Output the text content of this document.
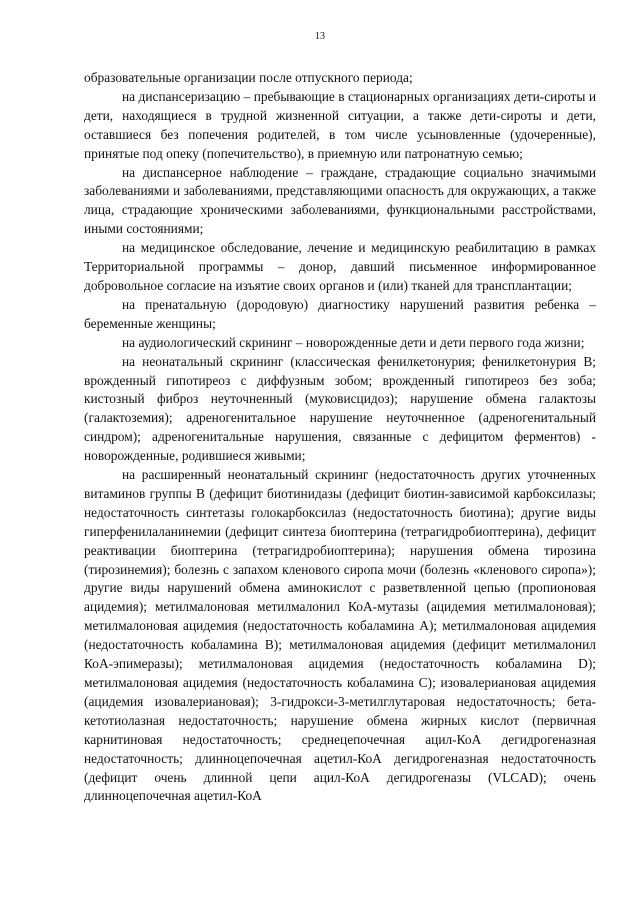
13

образовательные организации после отпускного периода;

на диспансеризацию – пребывающие в стационарных организациях дети-сироты и дети, находящиеся в трудной жизненной ситуации, а также дети-сироты и дети, оставшиеся без попечения родителей, в том числе усыновленные (удочеренные), принятые под опеку (попечительство), в приемную или патронатную семью;

на диспансерное наблюдение – граждане, страдающие социально значимыми заболеваниями и заболеваниями, представляющими опасность для окружающих, а также лица, страдающие хроническими заболеваниями, функциональными расстройствами, иными состояниями;

на медицинское обследование, лечение и медицинскую реабилитацию в рамках Территориальной программы – донор, давший письменное информированное добровольное согласие на изъятие своих органов и (или) тканей для трансплантации;

на пренатальную (дородовую) диагностику нарушений развития ребенка – беременные женщины;

на аудиологический скрининг – новорожденные дети и дети первого года жизни;

на неонатальный скрининг (классическая фенилкетонурия; фенилкетонурия B; врожденный гипотиреоз с диффузным зобом; врожденный гипотиреоз без зоба; кистозный фиброз неуточненный (муковисцидоз); нарушение обмена галактозы (галактоземия); адреногенитальное нарушение неуточненное (адреногенитальный синдром); адреногенитальные нарушения, связанные с дефицитом ферментов) - новорожденные, родившиеся живыми;

на расширенный неонатальный скрининг (недостаточность других уточненных витаминов группы B (дефицит биотинидазы (дефицит биотин-зависимой карбоксилазы; недостаточность синтетазы голокарбоксилаз (недостаточность биотина); другие виды гиперфенилаланинемии (дефицит синтеза биоптерина (тетрагидробиоптерина), дефицит реактивации биоптерина (тетрагидробиоптерина); нарушения обмена тирозина (тирозинемия); болезнь с запахом кленового сиропа мочи (болезнь «кленового сиропа»); другие виды нарушений обмена аминокислот с разветвленной цепью (пропионовая ацидемия); метилмалоновая метилмалонил КоА-мутазы (ацидемия метилмалоновая); метилмалоновая ацидемия (недостаточность кобаламина A); метилмалоновая ацидемия (недостаточность кобаламина B); метилмалоновая ацидемия (дефицит метилмалонил КоА-эпимеразы); метилмалоновая ацидемия (недостаточность кобаламина D); метилмалоновая ацидемия (недостаточность кобаламина C); изовалериановая ацидемия (ацидемия изовалериановая); 3-гидрокси-3-метилглутаровая недостаточность; бета-кетотиолазная недостаточность; нарушение обмена жирных кислот (первичная карнитиновая недостаточность; среднецепочечная ацил-КоА дегидрогеназная недостаточность; длинноцепочечная ацетил-КоА дегидрогеназная недостаточность (дефицит очень длинной цепи ацил-КоА дегидрогеназы (VLCAD); очень длинноцепочечная ацетил-КоА
